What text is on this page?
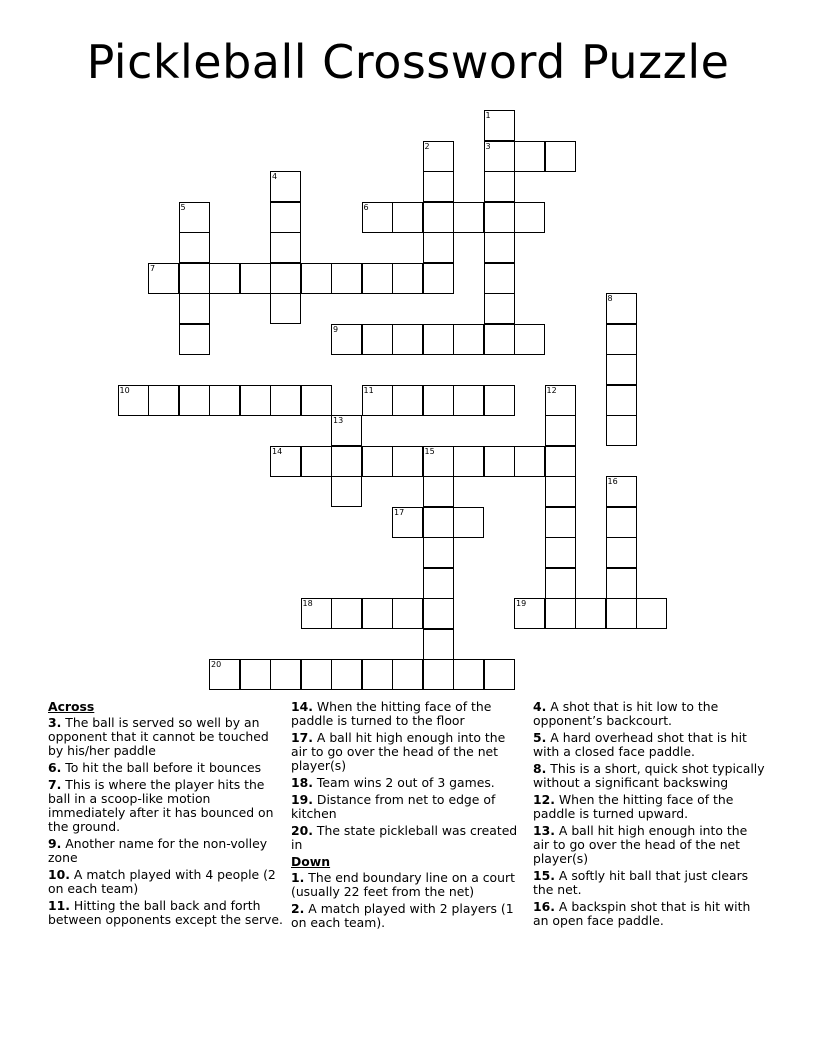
Pickleball Crossword Puzzle
3
6
7
9
10	11
14	15
17
18	19
20
1
2
4
5
8
12
13
16
Across
3. The ball is served so well by an opponent that it cannot be touched by his/her paddle
6. To hit the ball before it bounces
7. This is where the player hits the ball in a scoop-like motion immediately after it has bounced on the ground.
9. Another name for the non-volley zone
10. A match played with 4 people (2 on each team)
11. Hitting the ball back and forth between opponents except the serve.
14. When the hitting face of the paddle is turned to the floor
17. A ball hit high enough into the air to go over the head of the net player(s)
18. Team wins 2 out of 3 games.
19. Distance from net to edge of kitchen
20. The state pickleball was created in
Down
1. The end boundary line on a court (usually 22 feet from the net)
2. A match played with 2 players (1 on each team).
4. A shot that is hit low to the opponent’s backcourt.
5. A hard overhead shot that is hit with a closed face paddle.
8. This is a short, quick shot typically without a significant backswing
12. When the hitting face of the paddle is turned upward.
13. A ball hit high enough into the air to go over the head of the net player(s)
15. A softly hit ball that just clears the net.
16. A backspin shot that is hit with an open face paddle.
